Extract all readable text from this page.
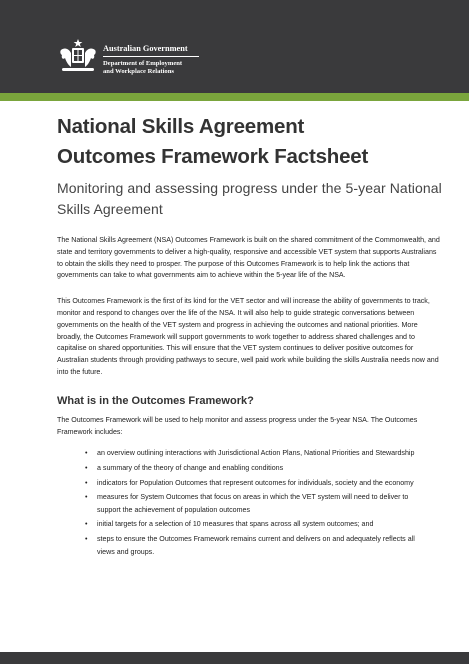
Australian Government
Department of Employment
and Workplace Relations
National Skills Agreement
Outcomes Framework Factsheet

Monitoring and assessing progress under the 5-year National Skills Agreement

The National Skills Agreement (NSA) Outcomes Framework is built on the shared commitment of the Commonwealth, and state and territory governments to deliver a high-quality, responsive and accessible VET system that supports Australians to obtain the skills they need to prosper. The purpose of this Outcomes Framework is to help link the actions that governments can take to what governments aim to achieve within the 5-year life of the NSA.

This Outcomes Framework is the first of its kind for the VET sector and will increase the ability of governments to track, monitor and respond to changes over the life of the NSA. It will also help to guide strategic conversations between governments on the health of the VET system and progress in achieving the outcomes and national priorities. More broadly, the Outcomes Framework will support governments to work together to address shared challenges and to capitalise on shared opportunities. This will ensure that the VET system continues to deliver positive outcomes for Australian students through providing pathways to secure, well paid work while building the skills Australia needs now and into the future.

What is in the Outcomes Framework?

The Outcomes Framework will be used to help monitor and assess progress under the 5-year NSA. The Outcomes Framework includes:

• an overview outlining interactions with Jurisdictional Action Plans, National Priorities and Stewardship
• a summary of the theory of change and enabling conditions
• indicators for Population Outcomes that represent outcomes for individuals, society and the economy
• measures for System Outcomes that focus on areas in which the VET system will need to deliver to support the achievement of population outcomes
• initial targets for a selection of 10 measures that spans across all system outcomes; and
• steps to ensure the Outcomes Framework remains current and delivers on and adequately reflects all views and groups.
